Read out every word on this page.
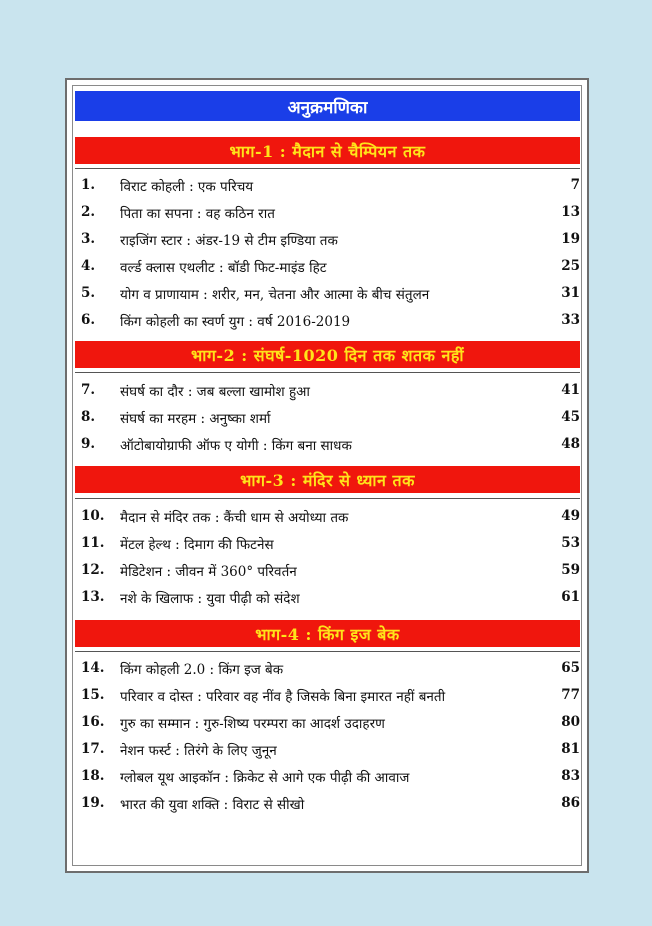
अनुक्रमणिका
भाग-1 : मैदान से चैम्पियन तक
1. विराट कोहली : एक परिचय	7
2. पिता का सपना : वह कठिन रात	13
3. राइजिंग स्टार : अंडर-19 से टीम इण्डिया तक	19
4. वर्ल्ड क्लास एथलीट : बॉडी फिट-माइंड हिट	25
5. योग व प्राणायाम : शरीर, मन, चेतना और आत्मा के बीच संतुलन	31
6. किंग कोहली का स्वर्ण युग : वर्ष 2016-2019	33
भाग-2 : संघर्ष-1020 दिन तक शतक नहीं
7. संघर्ष का दौर : जब बल्ला खामोश हुआ	41
8. संघर्ष का मरहम : अनुष्का शर्मा	45
9. ऑटोबायोग्राफी ऑफ ए योगी : किंग बना साधक	48
भाग-3 : मंदिर से ध्यान तक
10. मैदान से मंदिर तक : कैंची धाम से अयोध्या तक	49
11. मेंटल हेल्थ : दिमाग की फिटनेस	53
12. मेडिटेशन : जीवन में 360° परिवर्तन	59
13. नशे के खिलाफ : युवा पीढ़ी को संदेश	61
भाग-4 : किंग इज बेक
14. किंग कोहली 2.0 : किंग इज बेक	65
15. परिवार व दोस्त : परिवार वह नींव है जिसके बिना इमारत नहीं बनती	77
16. गुरु का सम्मान : गुरु-शिष्य परम्परा का आदर्श उदाहरण	80
17. नेशन फर्स्ट : तिरंगे के लिए जुनून	81
18. ग्लोबल यूथ आइकॉन : क्रिकेट से आगे एक पीढ़ी की आवाज	83
19. भारत की युवा शक्ति : विराट से सीखो	86
